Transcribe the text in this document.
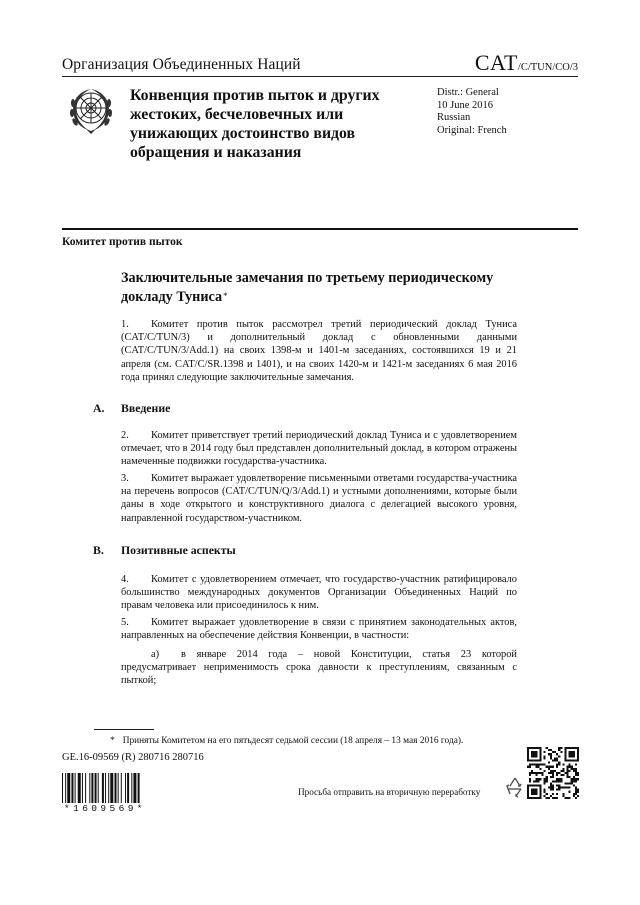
Организация Объединенных Наций	CAT/C/TUN/CO/3
Конвенция против пыток и других жестоких, бесчеловечных или унижающих достоинство видов обращения и наказания
Distr.: General
10 June 2016
Russian
Original: French
Комитет против пыток
Заключительные замечания по третьему периодическому докладу Туниса*

1. Комитет против пыток рассмотрел третий периодический доклад Туниса (CAT/C/TUN/3) и дополнительный доклад с обновленными данными (CAT/C/TUN/3/Add.1) на своих 1398-м и 1401-м заседаниях, состоявшихся 19 и 21 апреля (см. CAT/C/SR.1398 и 1401), и на своих 1420-м и 1421-м заседаниях 6 мая 2016 года принял следующие заключительные замечания.

A. Введение

2. Комитет приветствует третий периодический доклад Туниса и с удовлетворением отмечает, что в 2014 году был представлен дополнительный доклад, в котором отражены намеченные подвижки государства-участника.

3. Комитет выражает удовлетворение письменными ответами государства-участника на перечень вопросов (CAT/C/TUN/Q/3/Add.1) и устными дополнениями, которые были даны в ходе открытого и конструктивного диалога с делегацией высокого уровня, направленной государством-участником.

B. Позитивные аспекты

4. Комитет с удовлетворением отмечает, что государство-участник ратифицировало большинство международных документов Организации Объединенных Наций по правам человека или присоединилось к ним.

5. Комитет выражает удовлетворение в связи с принятием законодательных актов, направленных на обеспечение действия Конвенции, в частности:

a) в январе 2014 года – новой Конституции, статья 23 которой предусматривает неприменимость срока давности к преступлениям, связанным с пыткой;

* Приняты Комитетом на его пятьдесят седьмой сессии (18 апреля – 13 мая 2016 года).
GE.16-09569 (R) 280716 280716
*1609569*
Просьба отправить на вторичную переработку
